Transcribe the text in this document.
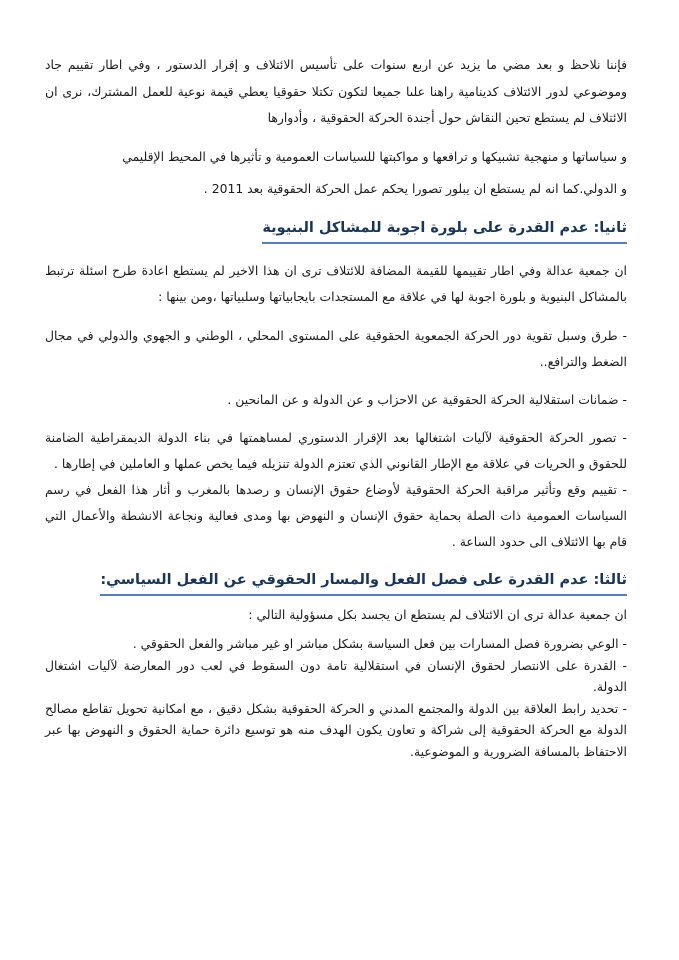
فإننا نلاحظ و بعد مضي ما يزيد عن اربع سنوات على تأسيس الائتلاف و إقرار الدستور ، وفي اطار تقييم جاد وموضوعي لدور الائتلاف كدينامية راهنا علىا جميعا لتكون تكتلا حقوقيا يعطي قيمة نوعية للعمل المشترك، نرى ان الائتلاف لم يستطع تحين النقاش حول أجندة الحركة الحقوقية ، وأدوارها

و سياساتها و منهجية تشبيكها و ترافعها و مواكبتها للسياسات العمومية و تأثيرها في المحيط الإقليمي

و الدولي.كما انه لم يستطع ان يبلور تصورا يحكم عمل الحركة الحقوقية بعد 2011 .

ثانيا: عدم القدرة على بلورة اجوبة للمشاكل البنيوية

ان جمعية عدالة وفي اطار تقييمها للقيمة المضافة للائتلاف ترى ان هذا الاخير لم يستطع اعادة طرح اسئلة ترتبط بالمشاكل البنيوية و بلورة اجوبة لها في علاقة مع المستجدات بايجابياتها وسلبياتها ،ومن بينها :

- طرق وسبل تقوية دور الحركة الجمعوية الحقوقية على المستوى المحلي ، الوطني و الجهوي والدولي في مجال الضغط والترافع..

- ضمانات استقلالية الحركة الحقوقية عن الاحزاب و عن الدولة و عن المانحين .

- تصور الحركة الحقوقية لآليات اشتغالها بعد الإقرار الدستوري لمساهمتها في بناء الدولة الديمقراطية الضامنة للحقوق و الحريات في علاقة مع الإطار القانوني الذي تعتزم الدولة تنزيله فيما يخص عملها و العاملين في إطارها .

- تقييم وقع وتأثير مراقبة الحركة الحقوقية لأوضاع حقوق الإنسان و رصدها بالمغرب و أثار هذا الفعل في رسم السياسات العمومية ذات الصلة بحماية حقوق الإنسان و النهوض بها ومدى فعالية ونجاعة الانشطة والأعمال التي قام بها الائتلاف الى حدود الساعة .

ثالثا: عدم القدرة على فصل الفعل والمسار الحقوقي عن الفعل السياسي:

ان جمعية عدالة ترى ان الائتلاف لم يستطع ان يجسد بكل مسؤولية التالي :

- الوعي بضرورة فصل المسارات بين فعل السياسة بشكل مباشر او غير مباشر والفعل الحقوقي .

- القدرة على الانتصار لحقوق الإنسان في استقلالية تامة دون السقوط في لعب دور المعارضة لآليات اشتغال الدولة.

- تحديد رابط العلاقة بين الدولة والمجتمع المدني و الحركة الحقوقية بشكل دقيق ، مع امكانية تحويل تقاطع مصالح الدولة مع الحركة الحقوقية إلى شراكة و تعاون يكون الهدف منه هو توسيع دائرة حماية الحقوق و النهوض بها عبر الاحتفاظ بالمسافة الضرورية و الموضوعية.
